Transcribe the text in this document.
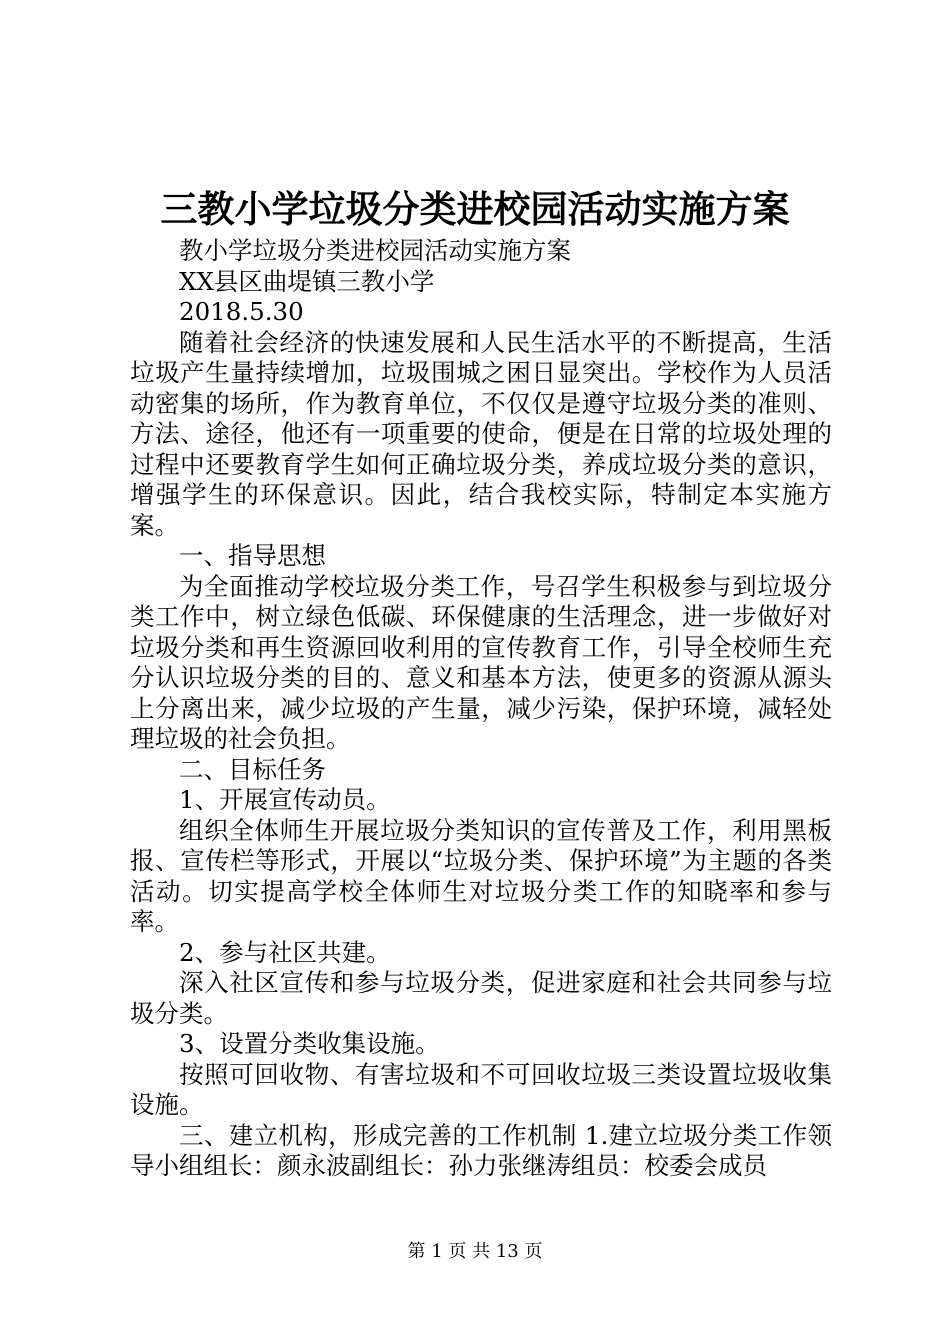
三教小学垃圾分类进校园活动实施方案

教小学垃圾分类进校园活动实施方案

XX县区曲堤镇三教小学

2018.5.30

随着社会经济的快速发展和人民生活水平的不断提高，生活垃圾产生量持续增加，垃圾围城之困日显突出。学校作为人员活动密集的场所，作为教育单位，不仅仅是遵守垃圾分类的准则、方法、途径，他还有一项重要的使命，便是在日常的垃圾处理的过程中还要教育学生如何正确垃圾分类，养成垃圾分类的意识，增强学生的环保意识。因此，结合我校实际，特制定本实施方案。

一、指导思想

为全面推动学校垃圾分类工作，号召学生积极参与到垃圾分类工作中，树立绿色低碳、环保健康的生活理念，进一步做好对垃圾分类和再生资源回收利用的宣传教育工作，引导全校师生充分认识垃圾分类的目的、意义和基本方法，使更多的资源从源头上分离出来，减少垃圾的产生量，减少污染，保护环境，减轻处理垃圾的社会负担。

二、目标任务

1、开展宣传动员。

组织全体师生开展垃圾分类知识的宣传普及工作，利用黑板报、宣传栏等形式，开展以“垃圾分类、保护环境”为主题的各类活动。切实提高学校全体师生对垃圾分类工作的知晓率和参与率。

2、参与社区共建。

深入社区宣传和参与垃圾分类，促进家庭和社会共同参与垃圾分类。

3、设置分类收集设施。

按照可回收物、有害垃圾和不可回收垃圾三类设置垃圾收集设施。

三、建立机构，形成完善的工作机制 1.建立垃圾分类工作领导小组组长：颜永波副组长：孙力张继涛组员：校委会成员

第 1 页 共 13 页
